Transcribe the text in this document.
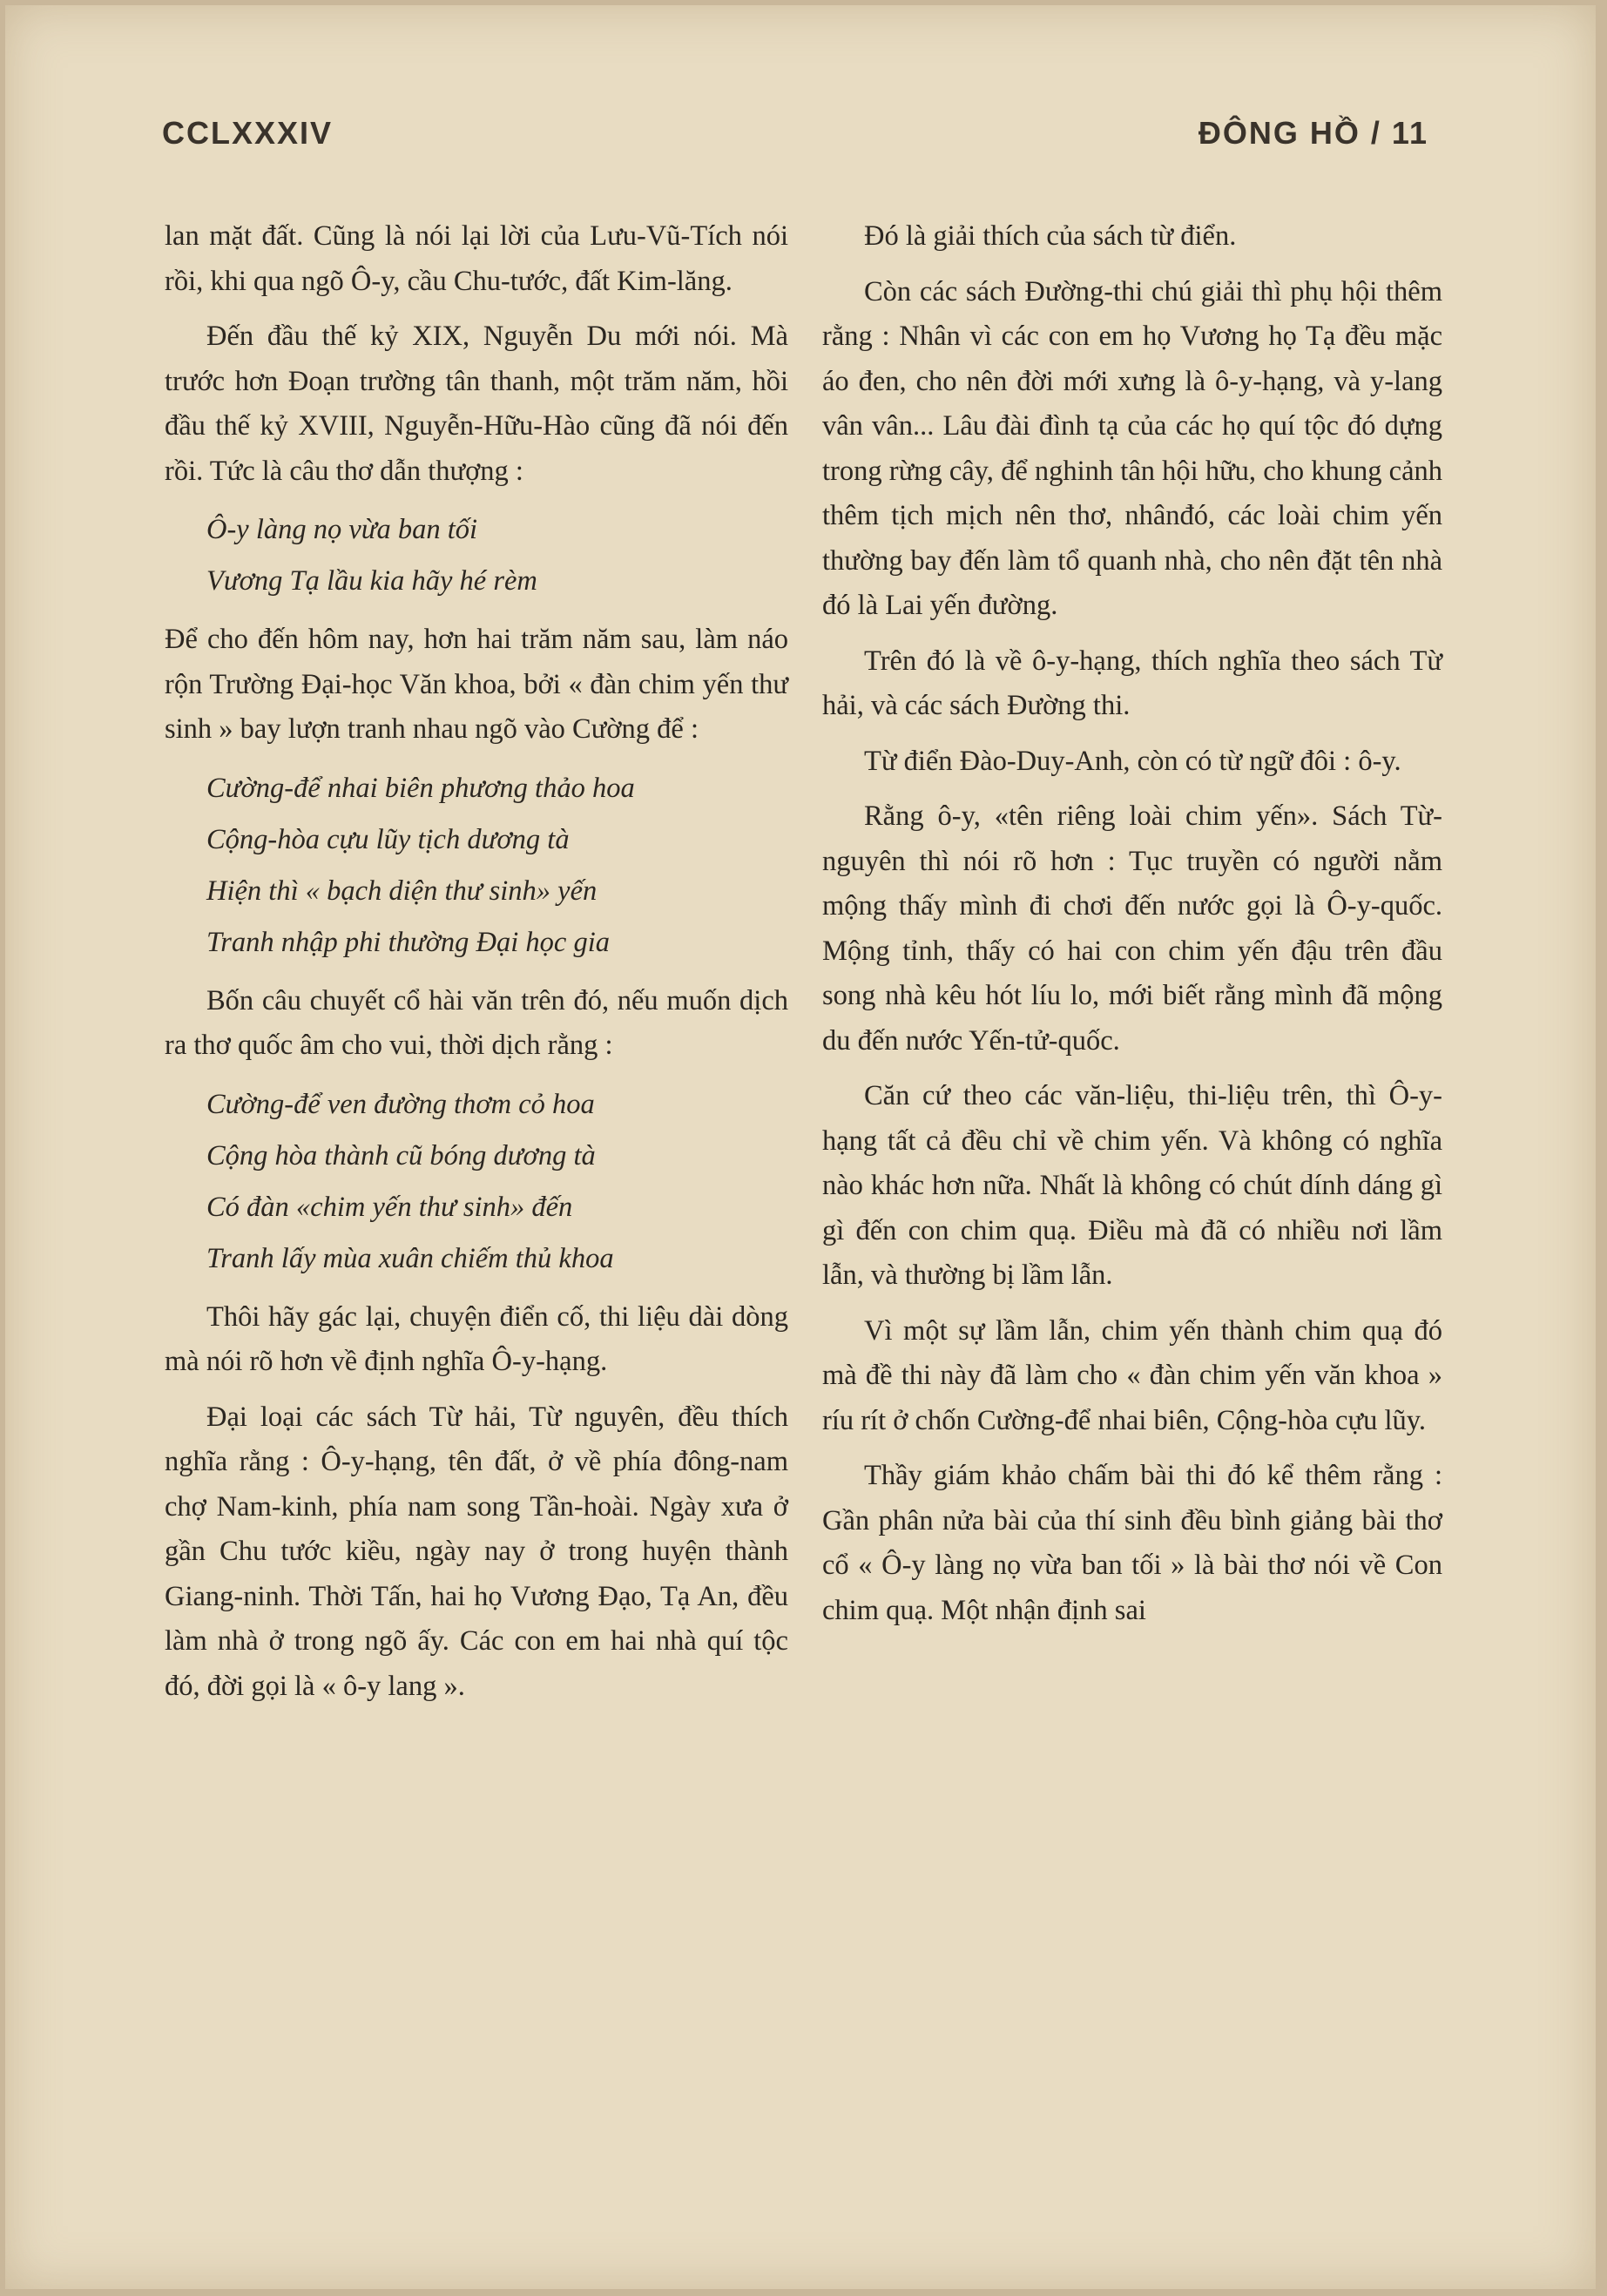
CCLXXXIV	ĐÔNG HỒ / 11

lan mặt đất. Cũng là nói lại lời của Lưu-Vũ-Tích nói rồi, khi qua ngõ Ô-y, cầu Chu-tước, đất Kim-lăng.

Đến đầu thế kỷ XIX, Nguyễn Du mới nói. Mà trước hơn Đoạn trường tân thanh, một trăm năm, hồi đầu thế kỷ XVIII, Nguyễn-Hữu-Hào cũng đã nói đến rồi. Tức là câu thơ dẫn thượng :

Ô-y làng nọ vừa ban tối
Vương Tạ lầu kia hãy hé rèm

Để cho đến hôm nay, hơn hai trăm năm sau, làm náo rộn Trường Đại-học Văn khoa, bởi « đàn chim yến thư sinh » bay lượn tranh nhau ngõ vào Cường để :

Cường-để nhai biên phương thảo hoa
Cộng-hòa cựu lũy tịch dương tà
Hiện thì « bạch diện thư sinh» yến
Tranh nhập phi thường Đại học gia

Bốn câu chuyết cổ hài văn trên đó, nếu muốn dịch ra thơ quốc âm cho vui, thời dịch rằng :

Cường-để ven đường thơm cỏ hoa
Cộng hòa thành cũ bóng dương tà
Có đàn «chim yến thư sinh» đến
Tranh lấy mùa xuân chiếm thủ khoa

Thôi hãy gác lại, chuyện điển cố, thi liệu dài dòng mà nói rõ hơn về định nghĩa Ô-y-hạng.

Đại loại các sách Từ hải, Từ nguyên, đều thích nghĩa rằng : Ô-y-hạng, tên đất, ở về phía đông-nam chợ Nam-kinh, phía nam song Tần-hoài. Ngày xưa ở gần Chu tước kiều, ngày nay ở trong huyện thành Giang-ninh. Thời Tấn, hai họ Vương Đạo, Tạ An, đều làm nhà ở trong ngõ ấy. Các con em hai nhà quí tộc đó, đời gọi là « ô-y lang ».

Đó là giải thích của sách từ điển.

Còn các sách Đường-thi chú giải thì phụ hội thêm rằng : Nhân vì các con em họ Vương họ Tạ đều mặc áo đen, cho nên đời mới xưng là ô-y-hạng, và y-lang vân vân... Lâu đài đình tạ của các họ quí tộc đó dựng trong rừng cây, để nghinh tân hội hữu, cho khung cảnh thêm tịch mịch nên thơ, nhânđó, các loài chim yến thường bay đến làm tổ quanh nhà, cho nên đặt tên nhà đó là Lai yến đường.

Trên đó là về ô-y-hạng, thích nghĩa theo sách Từ hải, và các sách Đường thi.

Từ điển Đào-Duy-Anh, còn có từ ngữ đôi : ô-y.

Rằng ô-y, «tên riêng loài chim yến». Sách Từ-nguyên thì nói rõ hơn : Tục truyền có người nằm mộng thấy mình đi chơi đến nước gọi là Ô-y-quốc. Mộng tỉnh, thấy có hai con chim yến đậu trên đầu song nhà kêu hót líu lo, mới biết rằng mình đã mộng du đến nước Yến-tử-quốc.

Căn cứ theo các văn-liệu, thi-liệu trên, thì Ô-y-hạng tất cả đều chỉ về chim yến. Và không có nghĩa nào khác hơn nữa. Nhất là không có chút dính dáng gì gì đến con chim quạ. Điều mà đã có nhiều nơi lầm lẫn, và thường bị lầm lẫn.

Vì một sự lầm lẫn, chim yến thành chim quạ đó mà đề thi này đã làm cho « đàn chim yến văn khoa » ríu rít ở chốn Cường-để nhai biên, Cộng-hòa cựu lũy.

Thầy giám khảo chấm bài thi đó kể thêm rằng : Gần phân nửa bài của thí sinh đều bình giảng bài thơ cổ « Ô-y làng nọ vừa ban tối » là bài thơ nói về Con chim quạ. Một nhận định sai
